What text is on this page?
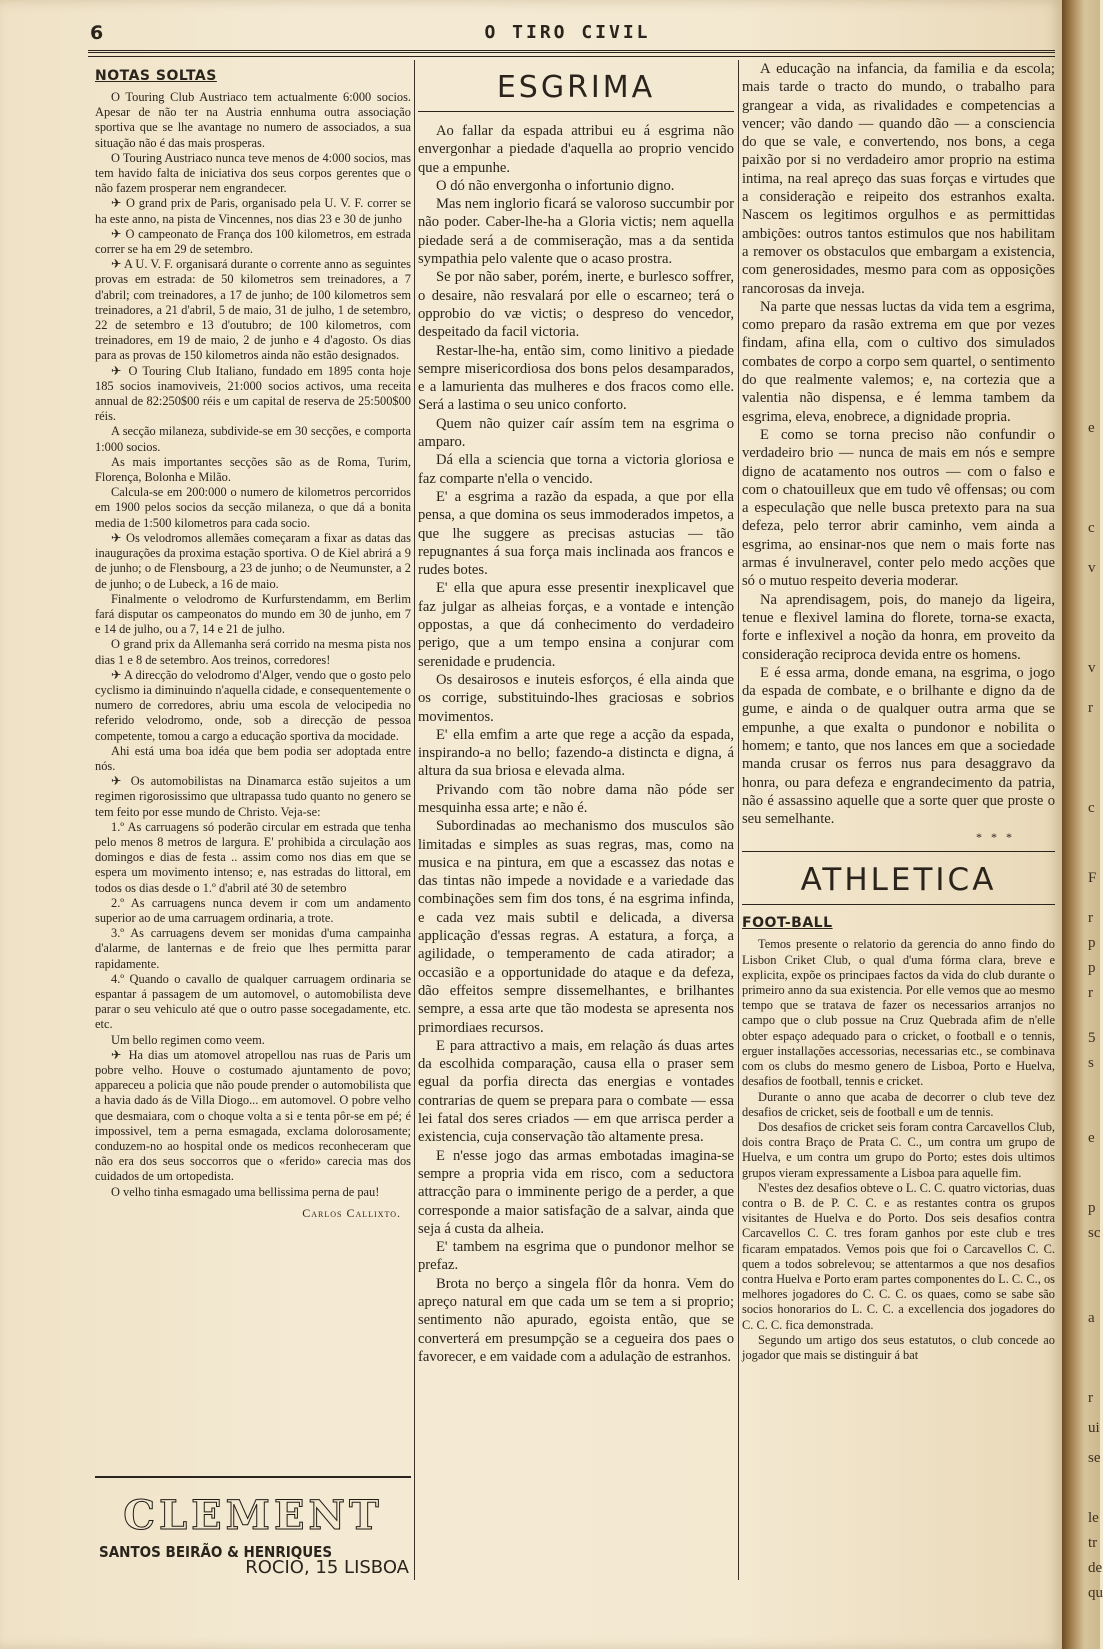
6	O TIRO CIVIL
NOTAS SOLTAS

O Touring Club Austriaco tem actualmente 6:000 socios. Apesar de não ter na Austria ennhuma outra associação sportiva que se lhe avantage no numero de associados, a sua situação não é das mais prosperas.

O Touring Austriaco nunca teve menos de 4:000 socios, mas tem havido falta de iniciativa dos seus corpos gerentes que o não fazem prosperar nem engrandecer.

✈ O grand prix de Paris, organisado pela U. V. F. correr se ha este anno, na pista de Vincennes, nos dias 23 e 30 de junho

✈ O campeonato de França dos 100 kilometros, em estrada correr se ha em 29 de setembro.

✈ A U. V. F. organisará durante o corrente anno as seguintes provas em estrada: de 50 kilometros sem treinadores, a 7 d'abril; com treinadores, a 17 de junho; de 100 kilometros sem treinadores, a 21 d'abril, 5 de maio, 31 de julho, 1 de setembro, 22 de setembro e 13 d'outubro; de 100 kilometros, com treinadores, em 19 de maio, 2 de junho e 4 d'agosto. Os dias para as provas de 150 kilometros ainda não estão designados.

✈ O Touring Club Italiano, fundado em 1895 conta hoje 185 socios inamoviveis, 21:000 socios activos, uma receita annual de 82:250$00 réis e um capital de reserva de 25:500$00 réis.

A secção milaneza, subdivide-se em 30 secções, e comporta 1:000 socios.

As mais importantes secções são as de Roma, Turim, Florença, Bolonha e Milão.

Calcula-se em 200:000 o numero de kilometros percorridos em 1900 pelos socios da secção milaneza, o que dá a bonita media de 1:500 kilometros para cada socio.

✈ Os velodromos allemães começaram a fixar as datas das inaugurações da proxima estação sportiva. O de Kiel abrirá a 9 de junho; o de Flensbourg, a 23 de junho; o de Neumunster, a 2 de junho; o de Lubeck, a 16 de maio.

Finalmente o velodromo de Kurfurstendamm, em Berlim fará disputar os campeonatos do mundo em 30 de junho, em 7 e 14 de julho, ou a 7, 14 e 21 de julho.

O grand prix da Allemanha será corrido na mesma pista nos dias 1 e 8 de setembro. Aos treinos, corredores!

✈ A direcção do velodromo d'Alger, vendo que o gosto pelo cyclismo ia diminuindo n'aquella cidade, e consequentemente o numero de corredores, abriu uma escola de velocipedia no referido velodromo, onde, sob a direcção de pessoa competente, tomou a cargo a educação sportiva da mocidade.

Ahi está uma boa idéa que bem podia ser adoptada entre nós.

✈ Os automobilistas na Dinamarca estão sujeitos a um regimen rigorosissimo que ultrapassa tudo quanto no genero se tem feito por esse mundo de Christo. Veja-se:

1.º As carruagens só poderão circular em estrada que tenha pelo menos 8 metros de largura. E' prohibida a circulação aos domingos e dias de festa .. assim como nos dias em que se espera um movimento intenso; e, nas estradas do littoral, em todos os dias desde o 1.º d'abril até 30 de setembro

2.º As carruagens nunca devem ir com um andamento superior ao de uma carruagem ordinaria, a trote.

3.º As carruagens devem ser monidas d'uma campainha d'alarme, de lanternas e de freio que lhes permitta parar rapidamente.

4.º Quando o cavallo de qualquer carruagem ordinaria se espantar á passagem de um automovel, o automobilista deve parar o seu vehiculo até que o outro passe socegadamente, etc. etc.

Um bello regimen como veem.

✈ Ha dias um atomovel atropellou nas ruas de Paris um pobre velho. Houve o costumado ajuntamento de povo; appareceu a policia que não poude prender o automobilista que a havia dado ás de Villa Diogo... em automovel. O pobre velho que desmaiara, com o choque volta a si e tenta pôr-se em pé; é impossivel, tem a perna esmagada, exclama dolorosamente; conduzem-no ao hospital onde os medicos reconheceram que não era dos seus soccorros que o «ferido» carecia mas dos cuidados de um ortopedista.

O velho tinha esmagado uma bellissima perna de pau!

Carlos Callixto.
CLEMENT
SANTOS BEIRÃO & HENRIQUES
ROCIO, 15 LISBOA
ESGRIMA

Ao fallar da espada attribui eu á esgrima não envergonhar a piedade d'aquella ao proprio vencido que a empunhe.

O dó não envergonha o infortunio digno.

Mas nem inglorio ficará se valoroso succumbir por não poder. Caber-lhe-ha a Gloria victis; nem aquella piedade será a de commiseração, mas a da sentida sympathia pelo valente que o acaso prostra.

Se por não saber, porém, inerte, e burlesco soffrer, o desaire, não resvalará por elle o escarneo; terá o opprobio do væ victis; o despreso do vencedor, despeitado da facil victoria.

Restar-lhe-ha, então sim, como linitivo a piedade sempre misericordiosa dos bons pelos desamparados, e a lamurienta das mulheres e dos fracos como elle. Será a lastima o seu unico conforto.

Quem não quizer caír assím tem na esgrima o amparo.

Dá ella a sciencia que torna a victoria gloriosa e faz comparte n'ella o vencido.

E' a esgrima a razão da espada, a que por ella pensa, a que domina os seus immoderados impetos, a que lhe suggere as precisas astucias — tão repugnantes á sua força mais inclinada aos francos e rudes botes.

E' ella que apura esse presentir inexplicavel que faz julgar as alheias forças, e a vontade e intenção oppostas, a que dá conhecimento do verdadeiro perigo, que a um tempo ensina a conjurar com serenidade e prudencia.

Os desairosos e inuteis esforços, é ella ainda que os corrige, substituindo-lhes graciosas e sobrios movimentos.

E' ella emfim a arte que rege a acção da espada, inspirando-a no bello; fazendo-a distincta e digna, á altura da sua briosa e elevada alma.

Privando com tão nobre dama não póde ser mesquinha essa arte; e não é.

Subordinadas ao mechanismo dos musculos são limitadas e simples as suas regras, mas, como na musica e na pintura, em que a escassez das notas e das tintas não impede a novidade e a variedade das combinações sem fim dos tons, é na esgrima infinda, e cada vez mais subtil e delicada, a diversa applicação d'essas regras. A estatura, a força, a agilidade, o temperamento de cada atirador; a occasião e a opportunidade do ataque e da defeza, dão effeitos sempre dissemelhantes, e brilhantes sempre, a essa arte que tão modesta se apresenta nos primordiaes recursos.

E para attractivo a mais, em relação ás duas artes da escolhida comparação, causa ella o praser sem egual da porfia directa das energias e vontades contrarias de quem se prepara para o combate — essa lei fatal dos seres criados — em que arrisca perder a existencia, cuja conservação tão altamente presa.

E n'esse jogo das armas embotadas imagina-se sempre a propria vida em risco, com a seductora attracção para o imminente perigo de a perder, a que corresponde a maior satisfação de a salvar, ainda que seja á custa da alheia.

E' tambem na esgrima que o pundonor melhor se prefaz.

Brota no berço a singela flôr da honra. Vem do apreço natural em que cada um se tem a si proprio; sentimento não apurado, egoista então, que se converterá em presumpção se a cegueira dos paes o favorecer, e em vaidade com a adulação de estranhos.

A educação na infancia, da familia e da escola; mais tarde o tracto do mundo, o trabalho para grangear a vida, as rivalidades e competencias a vencer; vão dando — quando dão — a consciencia do que se vale, e convertendo, nos bons, a cega paixão por si no verdadeiro amor proprio na estima intima, na real apreço das suas forças e virtudes que a consideração e reipeito dos estranhos exalta. Nascem os legitimos orgulhos e as permittidas ambições: outros tantos estimulos que nos habilitam a remover os obstaculos que embargam a existencia, com generosidades, mesmo para com as opposições rancorosas da inveja.

Na parte que nessas luctas da vida tem a esgrima, como preparo da rasão extrema em que por vezes findam, afina ella, com o cultivo dos simulados combates de corpo a corpo sem quartel, o sentimento do que realmente valemos; e, na cortezia que a valentia não dispensa, e é lemma tambem da esgrima, eleva, enobrece, a dignidade propria.

E como se torna preciso não confundir o verdadeiro brio — nunca de mais em nós e sempre digno de acatamento nos outros — com o falso e com o chatouilleux que em tudo vê offensas; ou com a especulação que nelle busca pretexto para na sua defeza, pelo terror abrir caminho, vem ainda a esgrima, ao ensinar-nos que nem o mais forte nas armas é invulneravel, conter pelo medo acções que só o mutuo respeito deveria moderar.

Na aprendisagem, pois, do manejo da ligeira, tenue e flexivel lamina do florete, torna-se exacta, forte e inflexivel a noção da honra, em proveito da consideração reciproca devida entre os homens.

E é essa arma, donde emana, na esgrima, o jogo da espada de combate, e o brilhante e digno da de gume, e ainda o de qualquer outra arma que se empunhe, a que exalta o pundonor e nobilita o homem; e tanto, que nos lances em que a sociedade manda crusar os ferros nus para desaggravo da honra, ou para defeza e engrandecimento da patria, não é assassino aquelle que a sorte quer que proste o seu semelhante.

* * *
ATHLETICA
FOOT-BALL

Temos presente o relatorio da gerencia do anno findo do Lisbon Criket Club, o qual d'uma fórma clara, breve e explicita, expõe os principaes factos da vida do club durante o primeiro anno da sua existencia. Por elle vemos que ao mesmo tempo que se tratava de fazer os necessarios arranjos no campo que o club possue na Cruz Quebrada afim de n'elle obter espaço adequado para o cricket, o football e o tennis, erguer installações accessorias, necessarias etc., se combinava com os clubs do mesmo genero de Lisboa, Porto e Huelva, desafios de football, tennis e cricket.

Durante o anno que acaba de decorrer o club teve dez desafios de cricket, seis de football e um de tennis.

Dos desafios de cricket seis foram contra Carcavellos Club, dois contra Braço de Prata C. C., um contra um grupo de Huelva, e um contra um grupo do Porto; estes dois ultimos grupos vieram expressamente a Lisboa para aquelle fim.

N'estes dez desafios obteve o L. C. C. quatro victorias, duas contra o B. de P. C. C. e as restantes contra os grupos visitantes de Huelva e do Porto. Dos seis desafios contra Carcavellos C. C. tres foram ganhos por este club e tres ficaram empatados. Vemos pois que foi o Carcavellos C. C. quem a todos sobrelevou; se attentarmos a que nos desafios contra Huelva e Porto eram partes componentes do L. C. C., os melhores jogadores do C. C. C. os quaes, como se sabe são socios honorarios do L. C. C. a excellencia dos jogadores do C. C. C. fica demonstrada.

Segundo um artigo dos seus estatutos, o club concede ao jogador que mais se distinguir á bat

e
c
v
v
r
c
F
r
p
p
r
5
s
e
p
sc
a
r
ui
se
le
tr
de
qu
